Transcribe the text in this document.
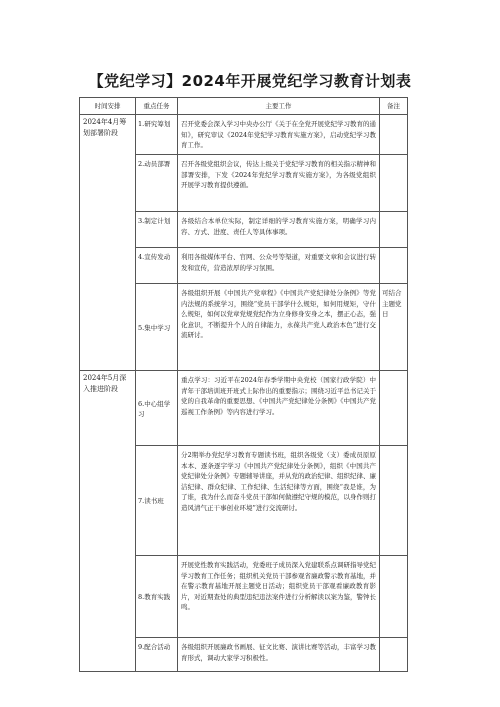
【党纪学习】2024年开展党纪学习教育计划表
时间安排	重点任务	主要工作	备注
2024年4月筹划部署阶段	1.研究筹划	召开党委会深入学习中央办公厅《关于在全党开展党纪学习教育的通知》，研究审议《2024年党纪学习教育实施方案》，启动党纪学习教育工作。	
	2.动员部署	召开各级党组织会议，传达上级关于党纪学习教育的相关指示精神和部署安排，下发《2024年党纪学习教育实施方案》，为各级党组织开展学习教育提供遵循。	
	3.制定计划	各级结合本单位实际，制定详细的学习教育实施方案，明确学习内容、方式、进度、责任人等具体事项。	
	4.宣传发动	利用各级媒体平台、官网、公众号等渠道，对重要文章和会议进行转发和宣传，营造浓厚的学习氛围。	
	5.集中学习	各级组织开展《中国共产党章程》《中国共产党纪律处分条例》等党内法规的系统学习，围绕“党员干部学什么规矩，如何用规矩，守什么规矩，如何以党章党规党纪作为立身修身安身之本，摆正心态，强化意识，不断提升个人的自律能力，永葆共产党人政治本色”进行交流研讨。	可结合主题党日
2024年5月深入推进阶段	6.中心组学习	重点学习：习近平在2024年春季学期中央党校（国家行政学院）中青年干部培训班开班式上际作出的重要指示；围绕习近平总书记关于党的自我革命的重要思想、《中国共产党纪律处分条例》《中国共产党巡视工作条例》等内容进行学习。	
	7.读书班	分2期举办党纪学习教育专题读书班，组织各级党（支）委成员原原本本、逐条逐字学习《中国共产党纪律处分条例》，组织《中国共产党纪律处分条例》专题辅导讲座，并从党的政治纪律、组织纪律、廉洁纪律、群众纪律、工作纪律、生活纪律等方面，围绕“我是谁，为了谁，我为什么而奋斗党员干部如何做遵纪守规的模范，以身作则打造风清气正干事创业环境”进行交流研讨。	
	8.教育实践	开展党性教育实践活动，党委班子成员深入党建联系点调研指导党纪学习教育工作任务；组织机关党员干部参观省廉政警示教育基地，并在警示教育基地开展主题党日活动；组织党员干部观看廉政教育影片，对近期查处的典型违纪违法案件进行分析解读以案为鉴，警钟长鸣。	
	9.配合活动	各级组织开展廉政书画展、征文比赛、演讲比赛等活动，丰富学习教育形式，调动大家学习积极性。	
